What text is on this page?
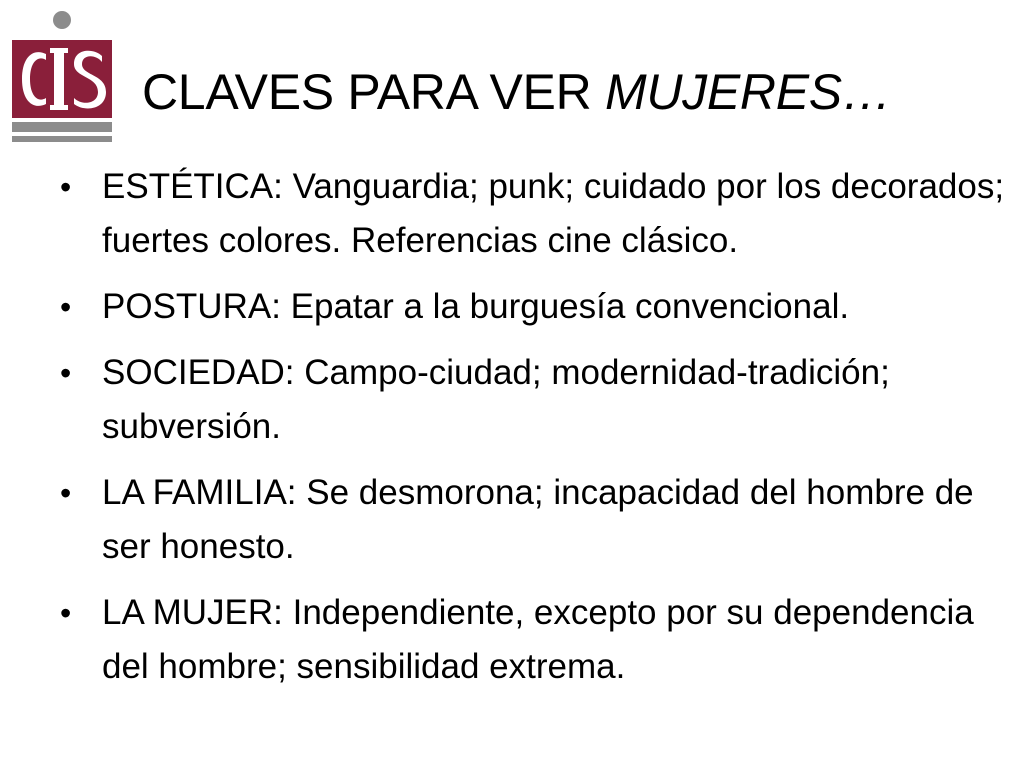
CLAVES PARA VER MUJERES…
• ESTÉTICA: Vanguardia; punk; cuidado por los decorados; fuertes colores. Referencias cine clásico.
• POSTURA: Epatar a la burguesía convencional.
• SOCIEDAD: Campo-ciudad; modernidad-tradición; subversión.
• LA FAMILIA: Se desmorona; incapacidad del hombre de ser honesto.
• LA MUJER: Independiente, excepto por su dependencia del hombre; sensibilidad extrema.
